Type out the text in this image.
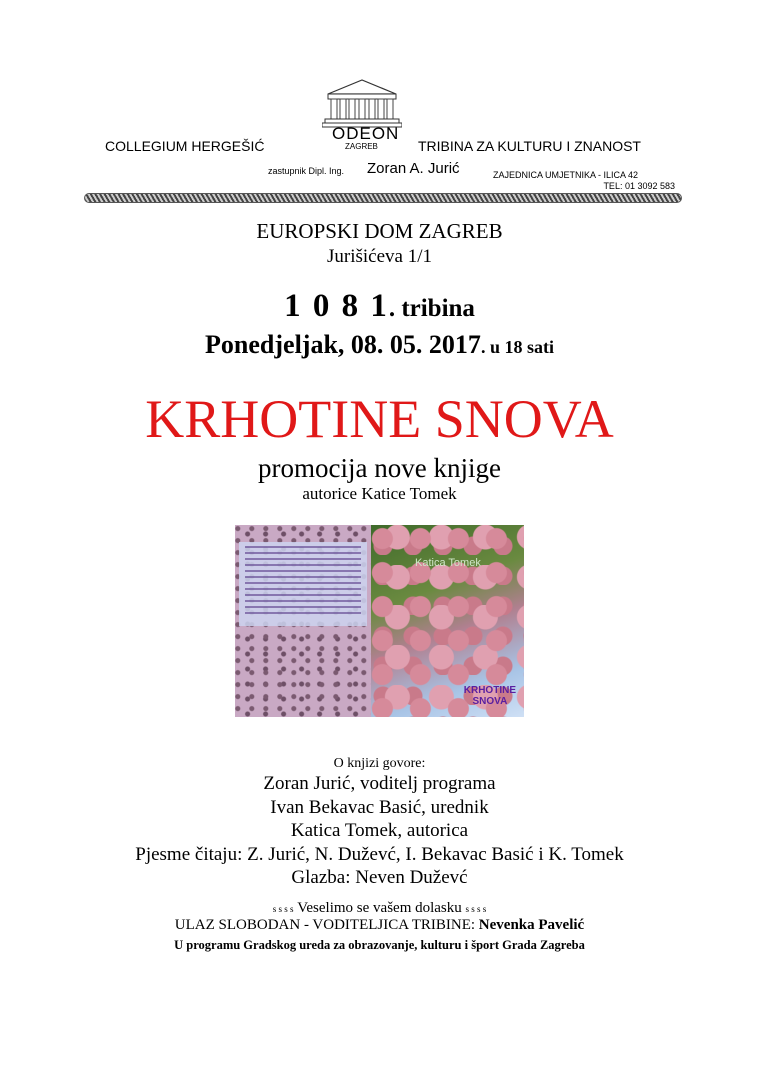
ODEON
ZAGREB
COLLEGIUM HERGEŠIĆ	TRIBINA ZA KULTURU I ZNANOST
zastupnik Dipl. Ing. Zoran A. Jurić	ZAJEDNICA UMJETNIKA - ILICA 42
TEL: 01 3092 583
EUROPSKI DOM ZAGREB
Jurišićeva 1/1
1 0 8 1. tribina
Ponedjeljak, 08. 05. 2017. u 18 sati
KRHOTINE SNOVA
promocija nove knjige
autorice Katice Tomek
Katica Tomek
KRHOTINE
SNOVA
O knjizi govore:
Zoran Jurić, voditelj programa
Ivan Bekavac Basić, urednik
Katica Tomek, autorica
Pjesme čitaju: Z. Jurić, N. Duževć, I. Bekavac Basić i K. Tomek
Glazba: Neven Duževć
ѕ ѕ ѕ ѕ Veselimo se vašem dolasku ѕ ѕ ѕ ѕ
ULAZ SLOBODAN - VODITELJICA TRIBINE: Nevenka Pavelić
U programu Gradskog ureda za obrazovanje, kulturu i šport Grada Zagreba
